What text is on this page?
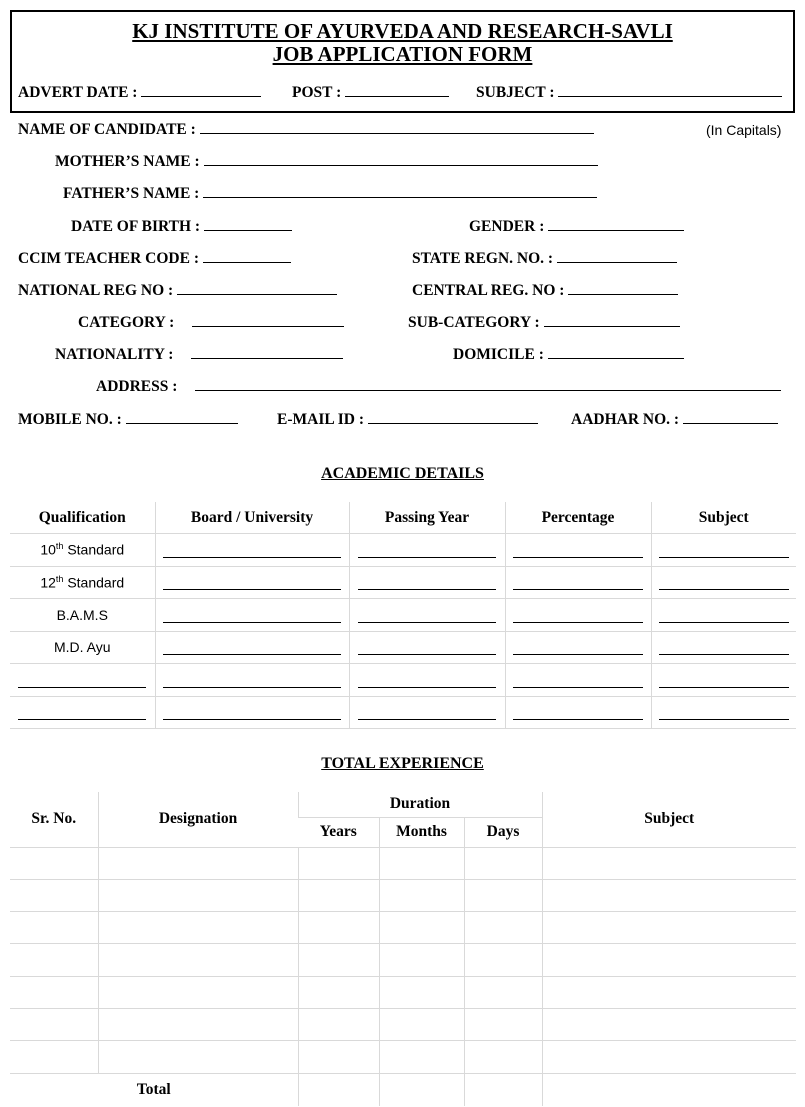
KJ INSTITUTE OF AYURVEDA AND RESEARCH-SAVLI
JOB APPLICATION FORM
ADVERT DATE :	POST :	SUBJECT :
NAME OF CANDIDATE :	(In Capitals)
MOTHER’S NAME :
FATHER’S NAME :
DATE OF BIRTH :	GENDER :
CCIM TEACHER CODE :	STATE REGN. NO. :
NATIONAL REG NO :	CENTRAL REG. NO :
CATEGORY :	SUB-CATEGORY :
NATIONALITY :	DOMICILE :
ADDRESS :
MOBILE NO. :	E-MAIL ID :	AADHAR NO. :
ACADEMIC DETAILS
Qualification	Board / University	Passing Year	Percentage	Subject
10th Standard				
12th Standard				
B.A.M.S				
M.D. Ayu				

TOTAL EXPERIENCE
Sr. No.	Designation	Duration			Subject
		Years	Months	Days	

Total					
